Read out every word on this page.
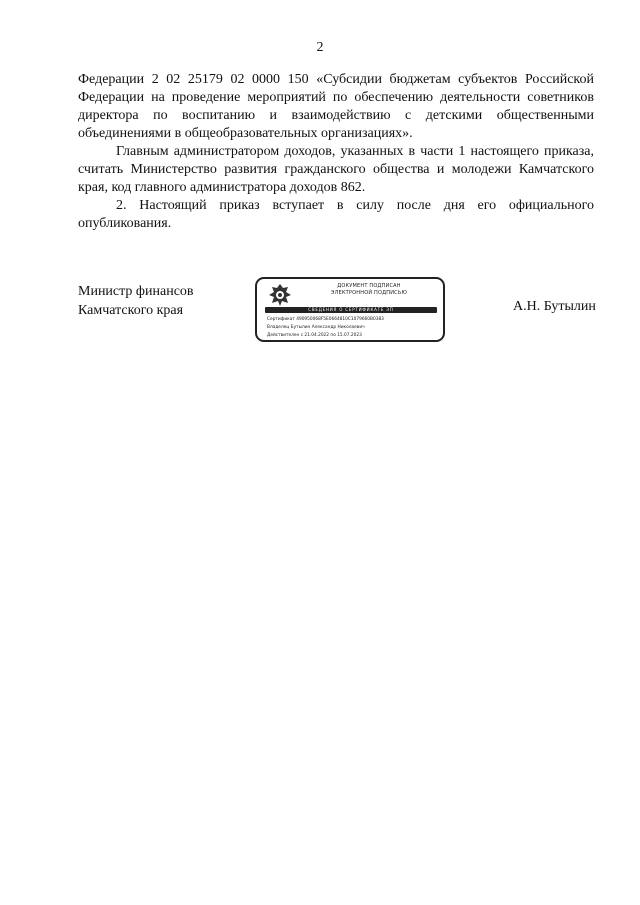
2

Федерации 2 02 25179 02 0000 150 «Субсидии бюджетам субъектов Российской Федерации на проведение мероприятий по обеспечению деятельности советников директора по воспитанию и взаимодействию с детскими общественными объединениями в общеобразовательных организациях».

Главным администратором доходов, указанных в части 1 настоящего приказа, считать Министерство развития гражданского общества и молодежи Камчатского края, код главного администратора доходов 862.

2. Настоящий приказ вступает в силу после дня его официального опубликования.

Министр финансов
Камчатского края
ДОКУМЕНТ ПОДПИСАН
ЭЛЕКТРОННОЙ ПОДПИСЬЮ
СВЕДЕНИЯ О СЕРТИФИКАТЕ ЭП
Сертификат 490950068F5E0664810C1079660B0383
Владелец Бутылин Александр Николаевич
Действителен с 21.04.2022 по 15.07.2023
А.Н. Бутылин
